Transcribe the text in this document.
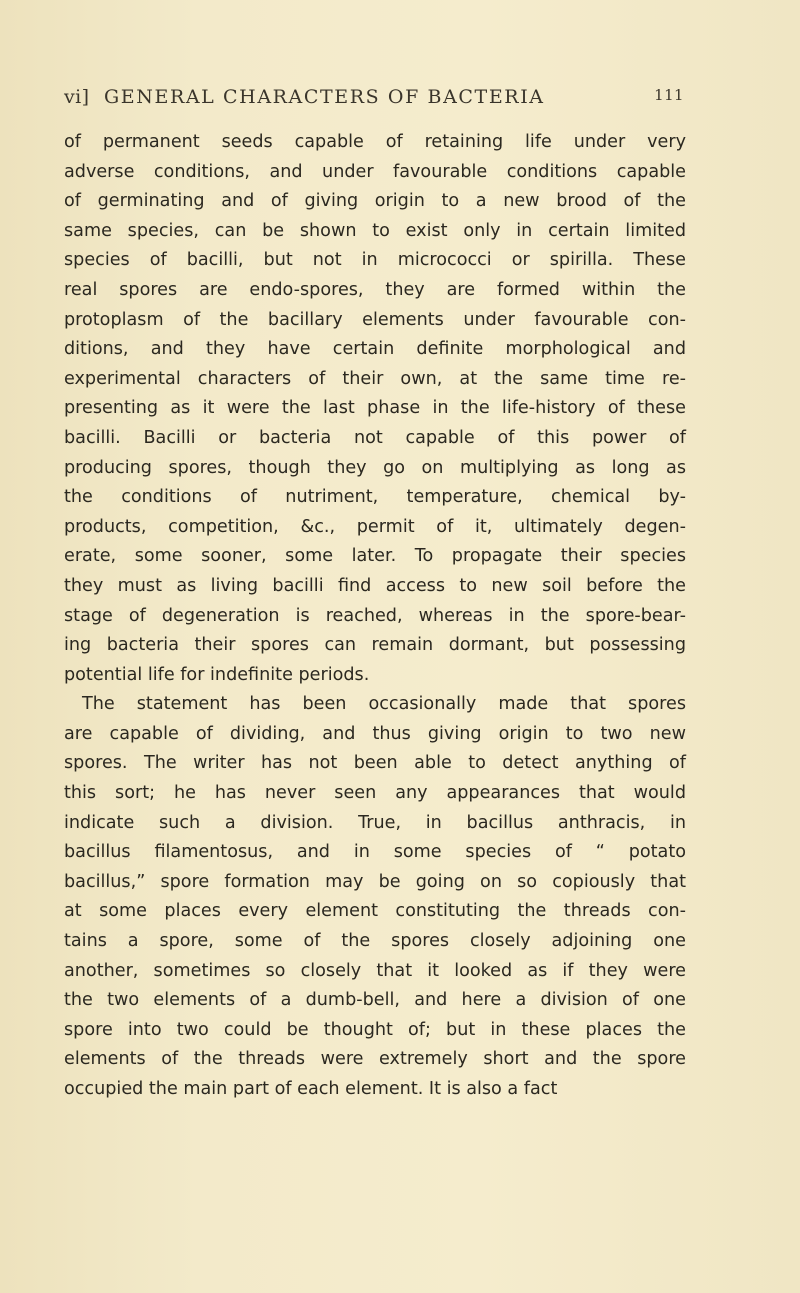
vi] GENERAL CHARACTERS OF BACTERIA	111
of permanent seeds capable of retaining life under very
adverse conditions, and under favourable conditions capable
of germinating and of giving origin to a new brood of the
same species, can be shown to exist only in certain limited
species of bacilli, but not in micrococci or spirilla. These
real spores are endo-spores, they are formed within the
protoplasm of the bacillary elements under favourable con-
ditions, and they have certain definite morphological and
experimental characters of their own, at the same time re-
presenting as it were the last phase in the life-history of these
bacilli. Bacilli or bacteria not capable of this power of
producing spores, though they go on multiplying as long as
the conditions of nutriment, temperature, chemical by-
products, competition, &c., permit of it, ultimately degen-
erate, some sooner, some later. To propagate their species
they must as living bacilli find access to new soil before the
stage of degeneration is reached, whereas in the spore-bear-
ing bacteria their spores can remain dormant, but possessing
potential life for indefinite periods.
The statement has been occasionally made that spores
are capable of dividing, and thus giving origin to two new
spores. The writer has not been able to detect anything of
this sort; he has never seen any appearances that would
indicate such a division. True, in bacillus anthracis, in
bacillus filamentosus, and in some species of “ potato
bacillus,” spore formation may be going on so copiously that
at some places every element constituting the threads con-
tains a spore, some of the spores closely adjoining one
another, sometimes so closely that it looked as if they were
the two elements of a dumb-bell, and here a division of one
spore into two could be thought of; but in these places the
elements of the threads were extremely short and the spore
occupied the main part of each element. It is also a fact
